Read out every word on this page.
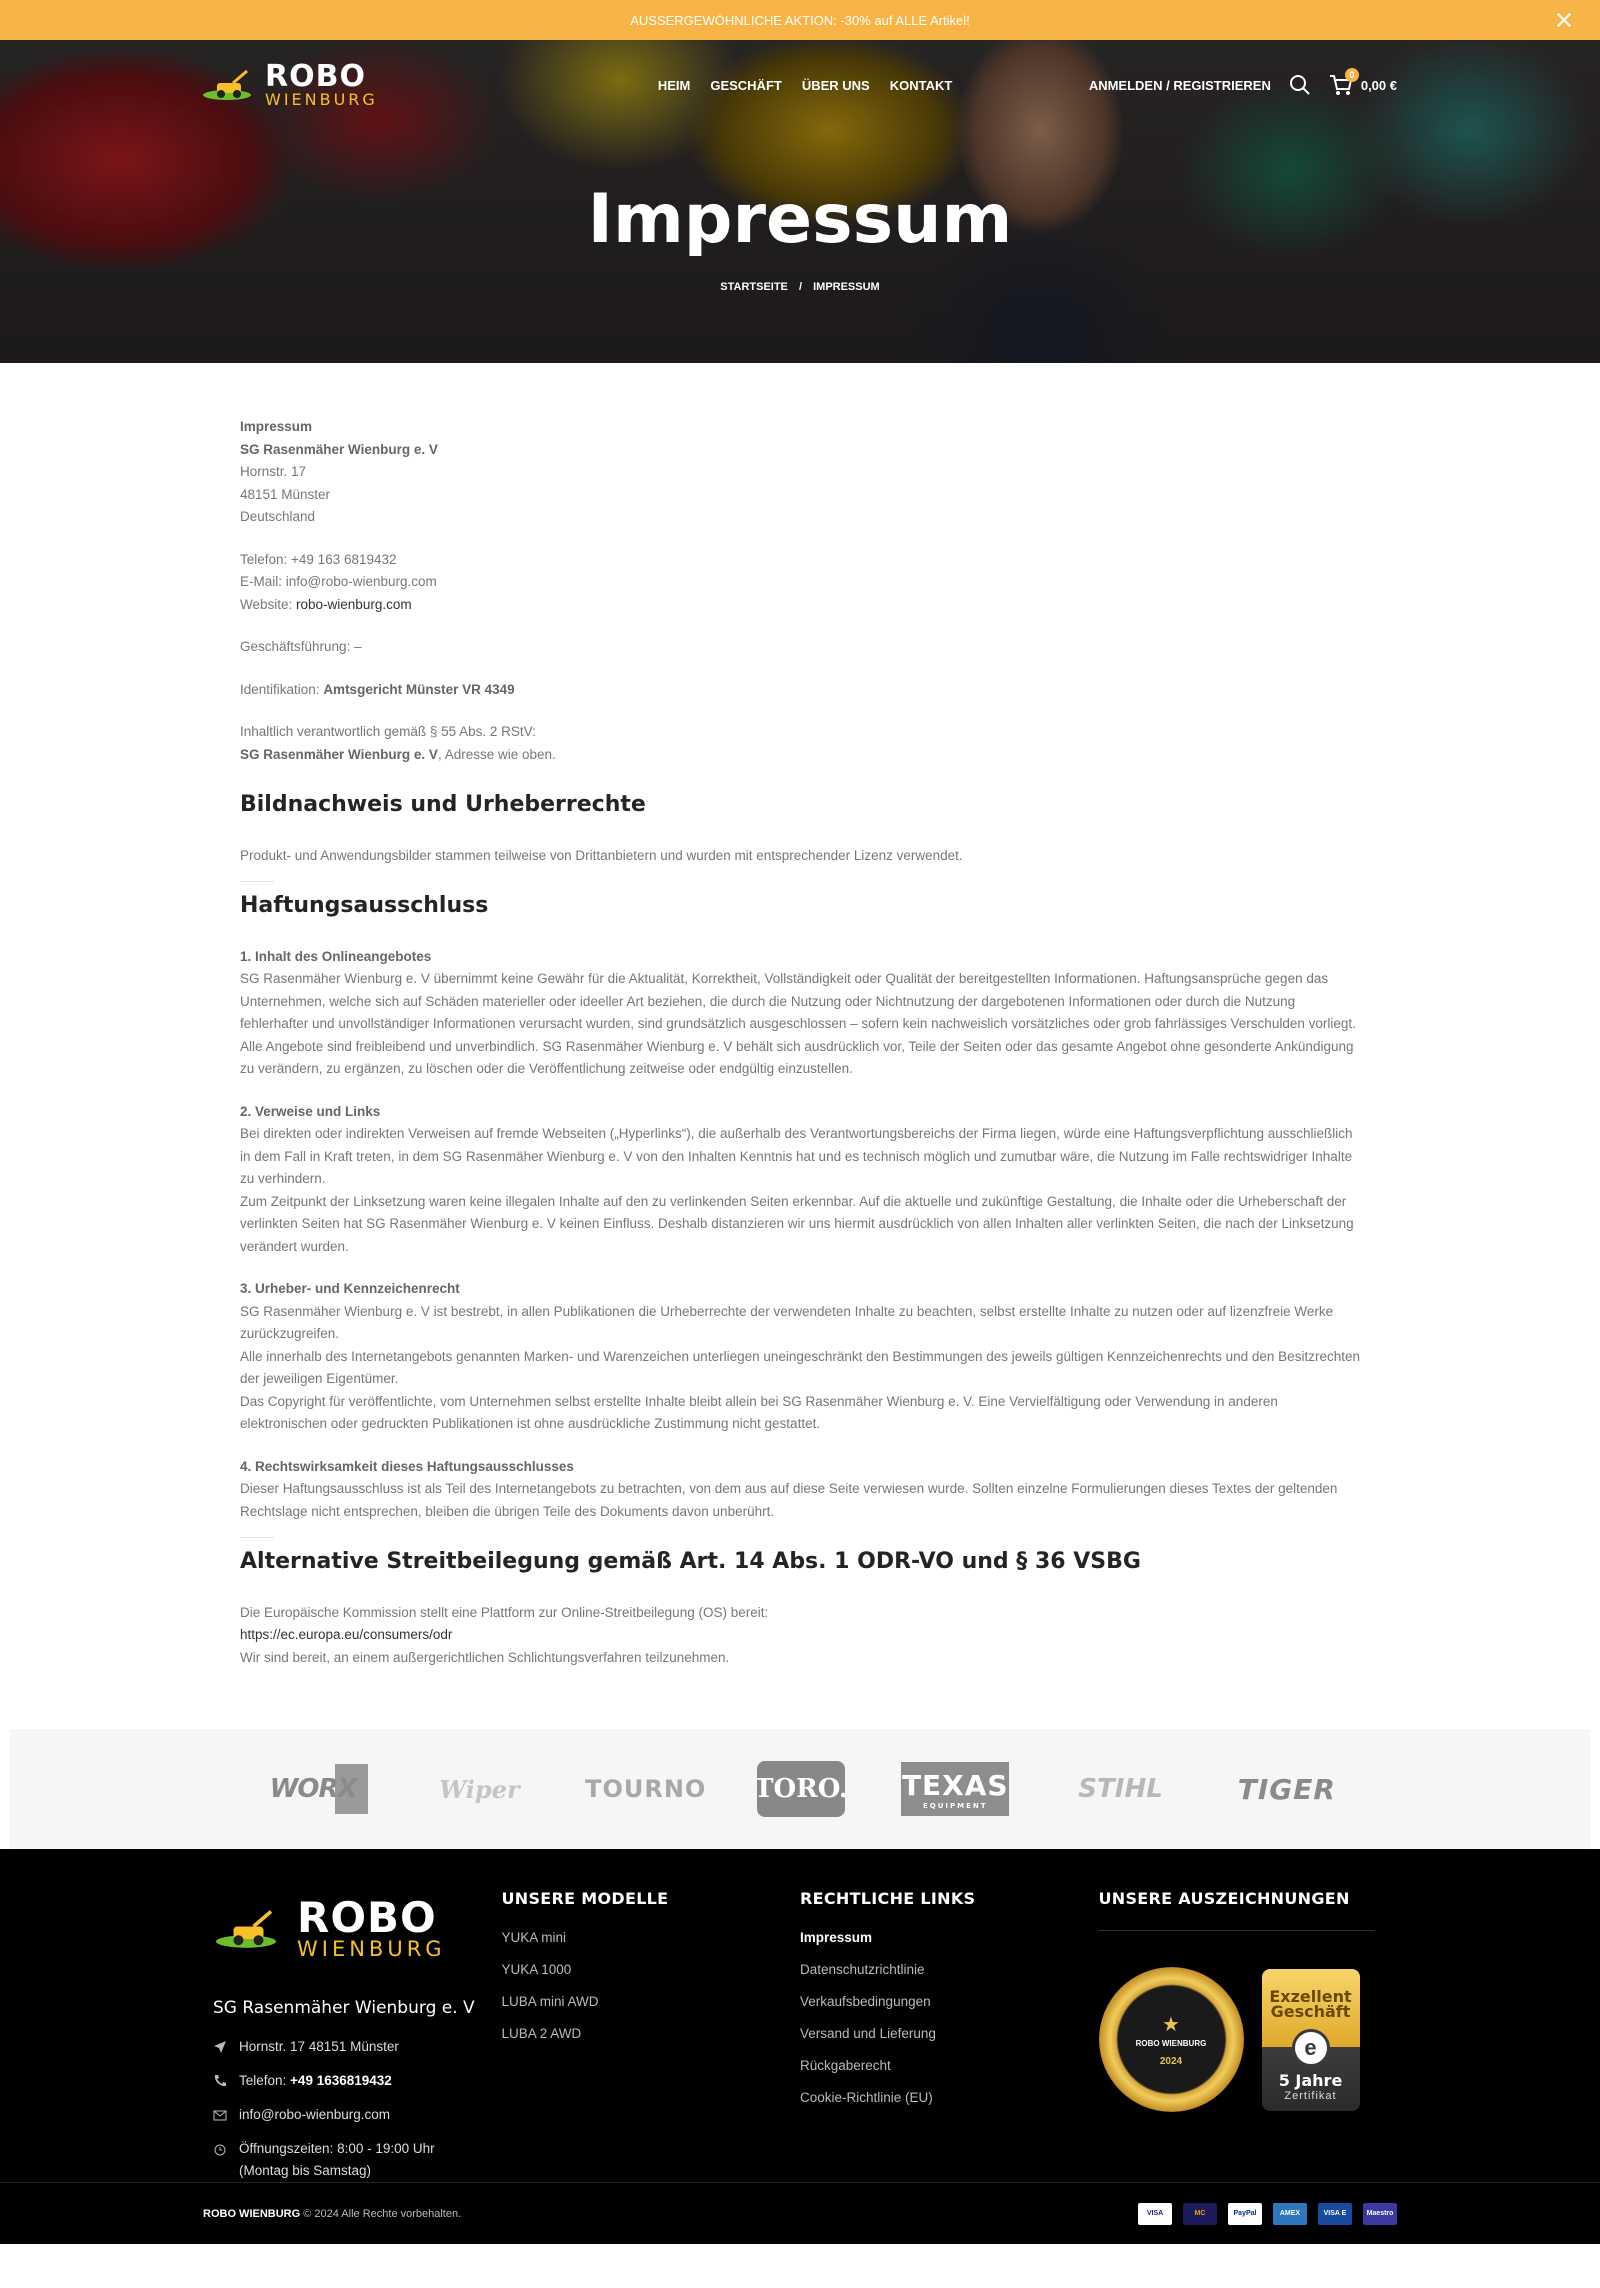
AUSSERGEWÖHNLICHE AKTION: -30% auf ALLE Artikel!
ROBO
WIENBURG
HEIM GESCHÄFT ÜBER UNS KONTAKT	ANMELDEN / REGISTRIEREN
0
0,00 €
Impressum
STARTSEITE / IMPRESSUM

Impressum
SG Rasenmäher Wienburg e. V
Hornstr. 17
48151 Münster
Deutschland

Telefon: +49 163 6819432
E-Mail: info@robo-wienburg.com
Website: robo-wienburg.com

Geschäftsführung: –

Identifikation: Amtsgericht Münster VR 4349

Inhaltlich verantwortlich gemäß § 55 Abs. 2 RStV:
SG Rasenmäher Wienburg e. V, Adresse wie oben.

Bildnachweis und Urheberrechte

Produkt- und Anwendungsbilder stammen teilweise von Drittanbietern und wurden mit entsprechender Lizenz verwendet.

Haftungsausschluss

1. Inhalt des Onlineangebotes
SG Rasenmäher Wienburg e. V übernimmt keine Gewähr für die Aktualität, Korrektheit, Vollständigkeit oder Qualität der bereitgestellten Informationen. Haftungsansprüche gegen das Unternehmen, welche sich auf Schäden materieller oder ideeller Art beziehen, die durch die Nutzung oder Nichtnutzung der dargebotenen Informationen oder durch die Nutzung fehlerhafter und unvollständiger Informationen verursacht wurden, sind grundsätzlich ausgeschlossen – sofern kein nachweislich vorsätzliches oder grob fahrlässiges Verschulden vorliegt.
Alle Angebote sind freibleibend und unverbindlich. SG Rasenmäher Wienburg e. V behält sich ausdrücklich vor, Teile der Seiten oder das gesamte Angebot ohne gesonderte Ankündigung zu verändern, zu ergänzen, zu löschen oder die Veröffentlichung zeitweise oder endgültig einzustellen.

2. Verweise und Links
Bei direkten oder indirekten Verweisen auf fremde Webseiten („Hyperlinks“), die außerhalb des Verantwortungsbereichs der Firma liegen, würde eine Haftungsverpflichtung ausschließlich in dem Fall in Kraft treten, in dem SG Rasenmäher Wienburg e. V von den Inhalten Kenntnis hat und es technisch möglich und zumutbar wäre, die Nutzung im Falle rechtswidriger Inhalte zu verhindern.
Zum Zeitpunkt der Linksetzung waren keine illegalen Inhalte auf den zu verlinkenden Seiten erkennbar. Auf die aktuelle und zukünftige Gestaltung, die Inhalte oder die Urheberschaft der verlinkten Seiten hat SG Rasenmäher Wienburg e. V keinen Einfluss. Deshalb distanzieren wir uns hiermit ausdrücklich von allen Inhalten aller verlinkten Seiten, die nach der Linksetzung verändert wurden.

3. Urheber- und Kennzeichenrecht
SG Rasenmäher Wienburg e. V ist bestrebt, in allen Publikationen die Urheberrechte der verwendeten Inhalte zu beachten, selbst erstellte Inhalte zu nutzen oder auf lizenzfreie Werke zurückzugreifen.
Alle innerhalb des Internetangebots genannten Marken- und Warenzeichen unterliegen uneingeschränkt den Bestimmungen des jeweils gültigen Kennzeichenrechts und den Besitzrechten der jeweiligen Eigentümer.
Das Copyright für veröffentlichte, vom Unternehmen selbst erstellte Inhalte bleibt allein bei SG Rasenmäher Wienburg e. V. Eine Vervielfältigung oder Verwendung in anderen elektronischen oder gedruckten Publikationen ist ohne ausdrückliche Zustimmung nicht gestattet.

4. Rechtswirksamkeit dieses Haftungsausschlusses
Dieser Haftungsausschluss ist als Teil des Internetangebots zu betrachten, von dem aus auf diese Seite verwiesen wurde. Sollten einzelne Formulierungen dieses Textes der geltenden Rechtslage nicht entsprechen, bleiben die übrigen Teile des Dokuments davon unberührt.

Alternative Streitbeilegung gemäß Art. 14 Abs. 1 ODR-VO und § 36 VSBG

Die Europäische Kommission stellt eine Plattform zur Online-Streitbeilegung (OS) bereit:
https://ec.europa.eu/consumers/odr
Wir sind bereit, an einem außergerichtlichen Schlichtungsverfahren teilzunehmen.

WORX	Wiper	TOURNO TORO. TEXAS
EQUIPMENT
STIHL	TIGER
ROBO
WIENBURG
SG Rasenmäher Wienburg e. V
Hornstr. 17 48151 Münster
Telefon: +49 1636819432
info@robo-wienburg.com
Öffnungszeiten: 8:00 - 19:00 Uhr
(Montag bis Samstag)
UNSERE MODELLE
YUKA mini
YUKA 1000
LUBA mini AWD
LUBA 2 AWD
RECHTLICHE LINKS
Impressum
Datenschutzrichtlinie
Verkaufsbedingungen
Versand und Lieferung
Rückgaberecht
Cookie-Richtlinie (EU)
UNSERE AUSZEICHNUNGEN
★
ROBO WIENBURG
2024
Exzellent
Geschäft
e
5 Jahre
Zertifikat
ROBO WIENBURG © 2024 Alle Rechte vorbehalten.	VISA	MC	PayPal	AMEX	VISA E	Maestro
